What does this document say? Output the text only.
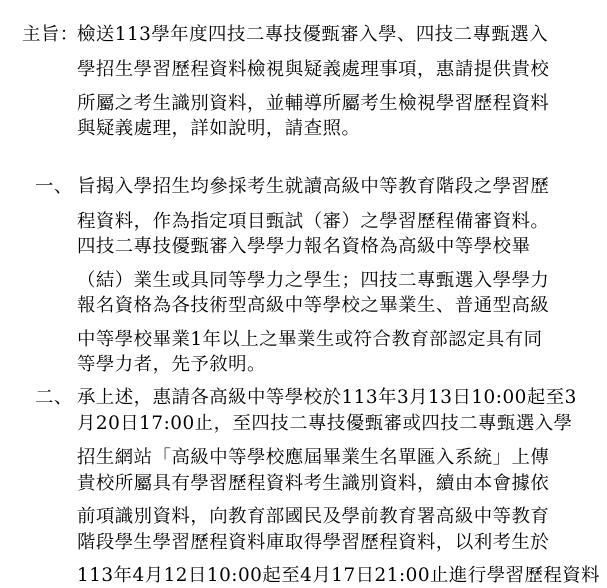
主旨：
檢送113學年度四技二專技優甄審入學、四技二專甄選入
學招生學習歷程資料檢視與疑義處理事項，惠請提供貴校
所屬之考生識別資料，並輔導所屬考生檢視學習歷程資料
與疑義處理，詳如說明，請查照。
一、 旨揭入學招生均參採考生就讀高級中等教育階段之學習歷
程資料，作為指定項目甄試（審）之學習歷程備審資料。
四技二專技優甄審入學學力報名資格為高級中等學校畢
（結）業生或具同等學力之學生；四技二專甄選入學學力
報名資格為各技術型高級中等學校之畢業生、普通型高級
中等學校畢業1年以上之畢業生或符合教育部認定具有同
等學力者，先予敘明。
二、 承上述，惠請各高級中等學校於113年3月13日10:00起至3
月20日17:00止，至四技二專技優甄審或四技二專甄選入學
招生網站「高級中等學校應屆畢業生名單匯入系統」上傳
貴校所屬具有學習歷程資料考生識別資料，續由本會據依
前項識別資料，向教育部國民及學前教育署高級中等教育
階段學生學習歷程資料庫取得學習歷程資料，以利考生於
113年4月12日10:00起至4月17日21:00止進行學習歷程資料
